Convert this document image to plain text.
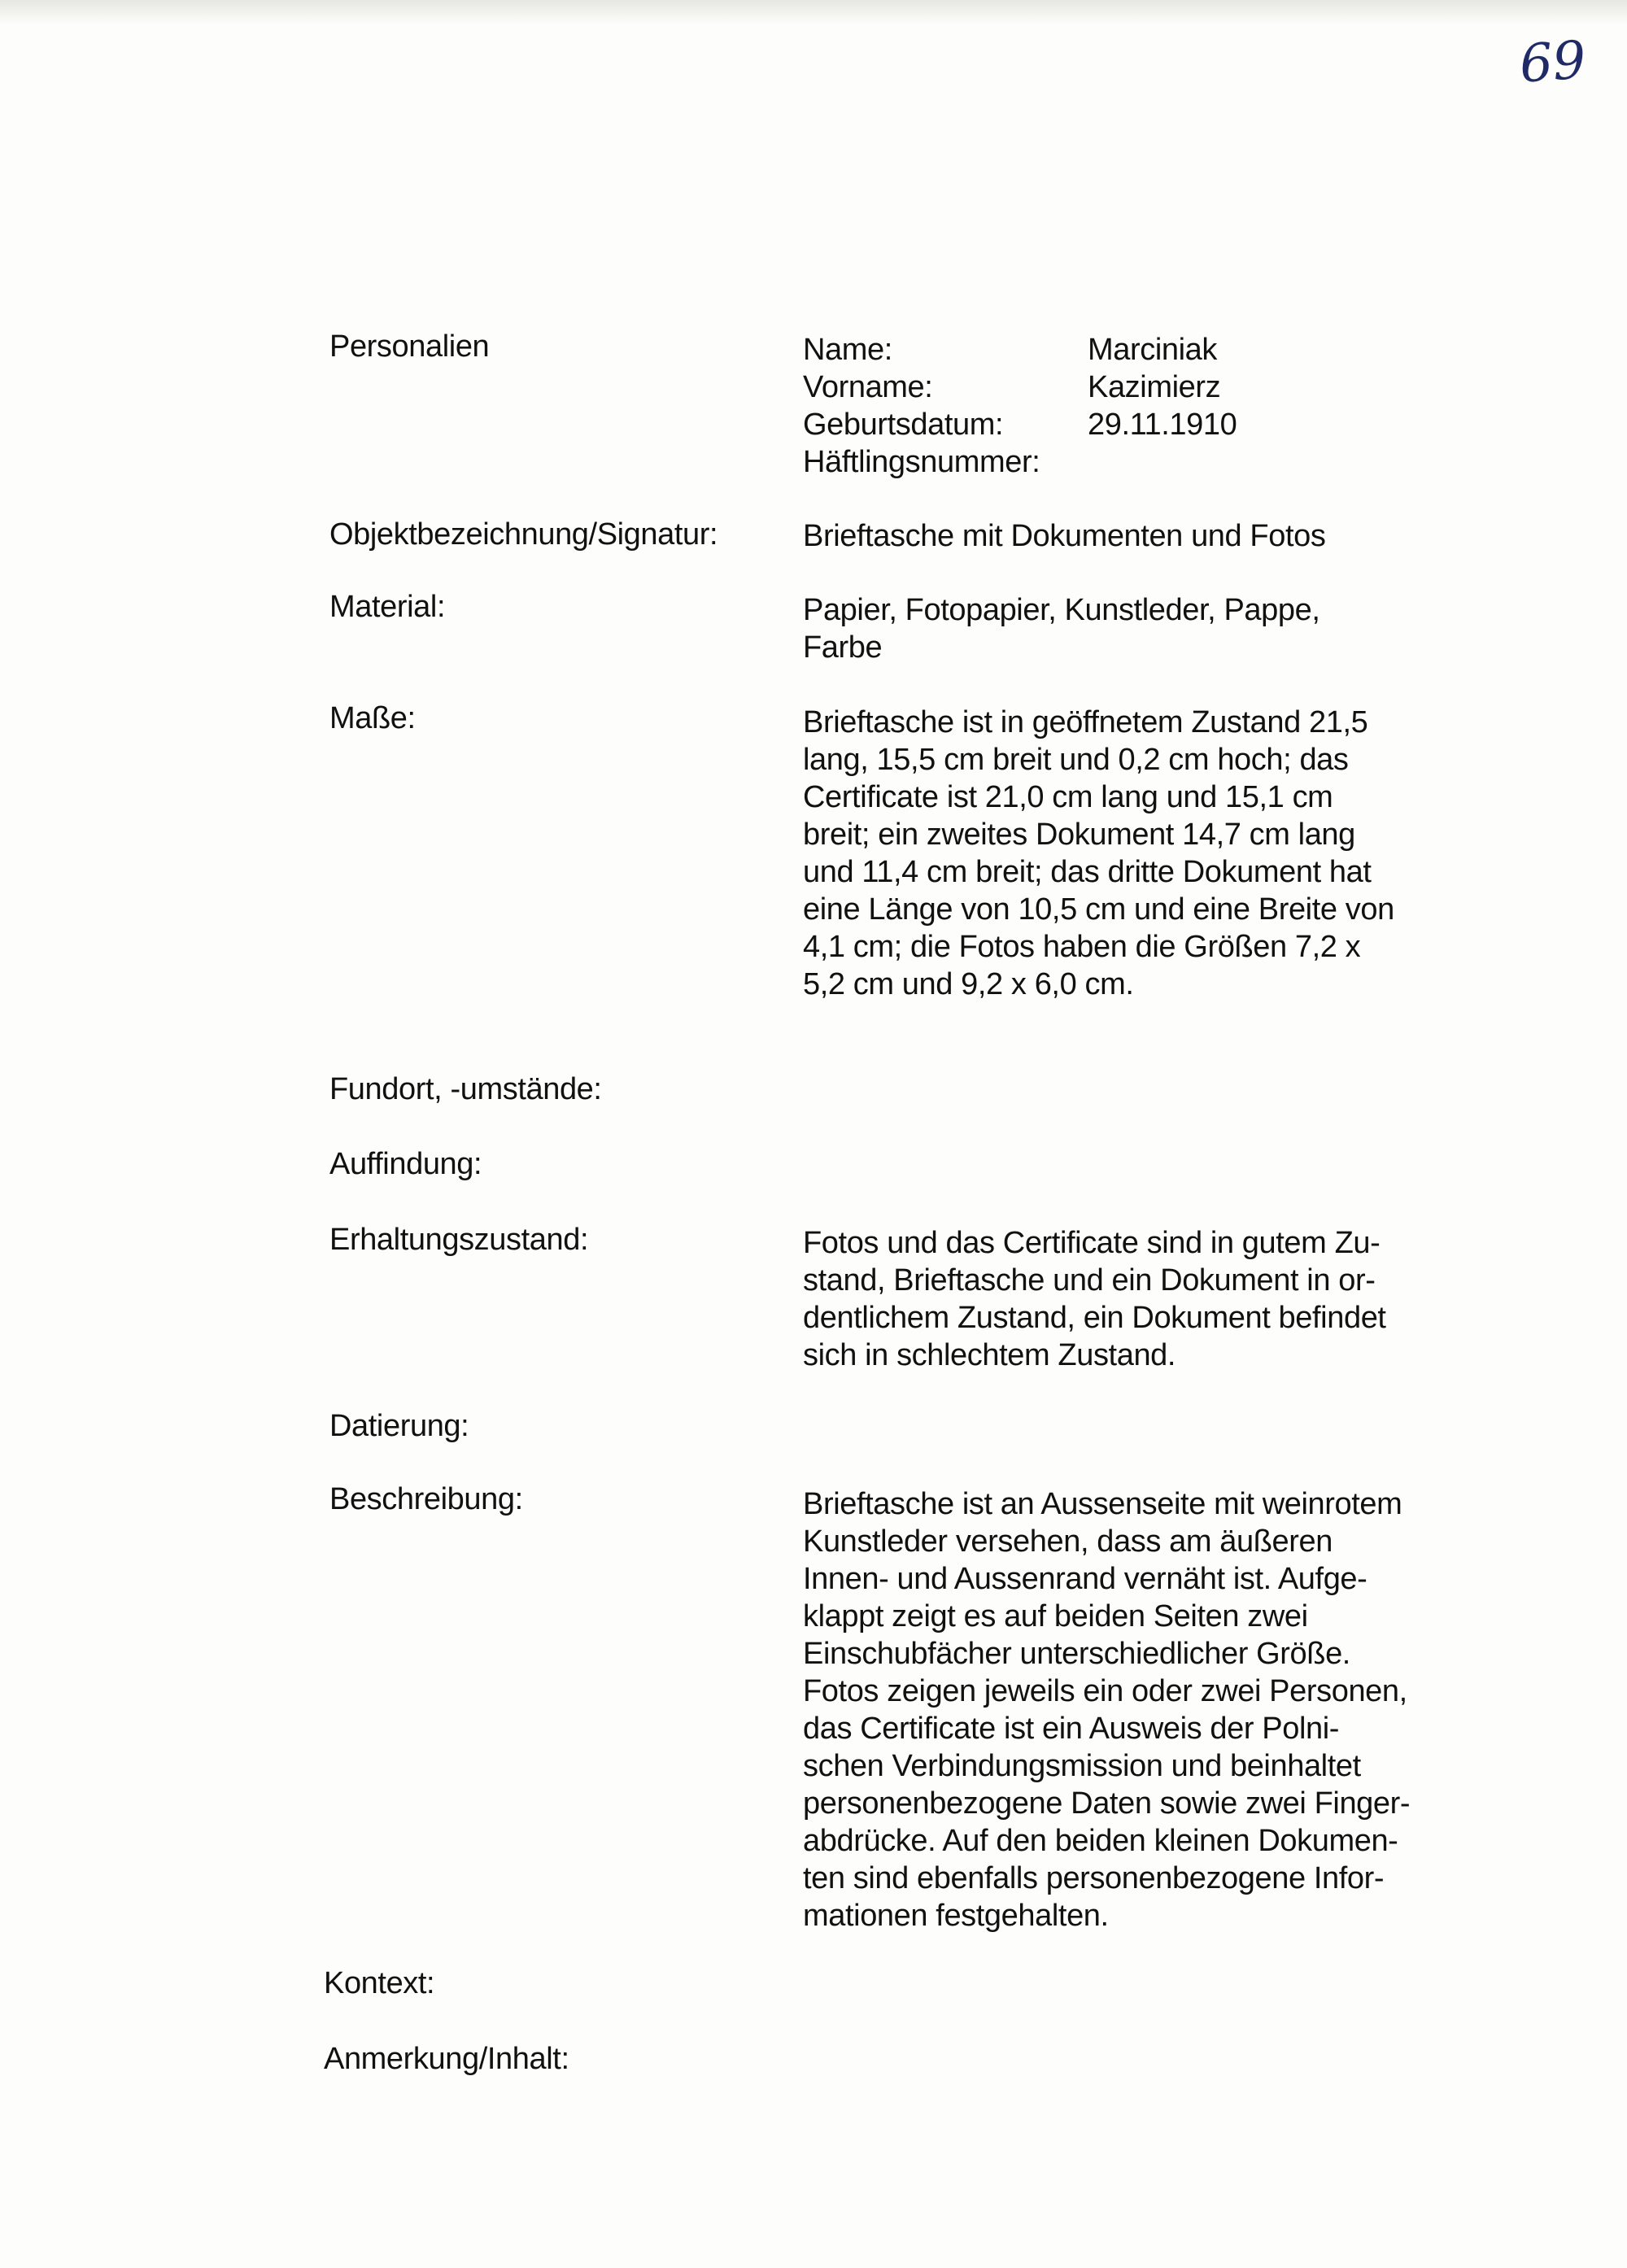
69
Personalien	Name:	Marciniak
Vorname:	Kazimierz
Geburtsdatum:	29.11.1910
Häftlingsnummer:
Objektbezeichnung/Signatur:	Brieftasche mit Dokumenten und Fotos
Material:	Papier, Fotopapier, Kunstleder, Pappe,
Farbe
Maße:	Brieftasche ist in geöffnetem Zustand 21,5
lang, 15,5 cm breit und 0,2 cm hoch; das
Certificate ist 21,0 cm lang und 15,1 cm
breit; ein zweites Dokument 14,7 cm lang
und 11,4 cm breit; das dritte Dokument hat
eine Länge von 10,5 cm und eine Breite von
4,1 cm; die Fotos haben die Größen 7,2 x
5,2 cm und 9,2 x 6,0 cm.
Fundort, -umstände:
Auffindung:
Erhaltungszustand:	Fotos und das Certificate sind in gutem Zu-
stand, Brieftasche und ein Dokument in or-
dentlichem Zustand, ein Dokument befindet
sich in schlechtem Zustand.
Datierung:
Beschreibung:	Brieftasche ist an Aussenseite mit weinrotem
Kunstleder versehen, dass am äußeren
Innen- und Aussenrand vernäht ist. Aufge-
klappt zeigt es auf beiden Seiten zwei
Einschubfächer unterschiedlicher Größe.
Fotos zeigen jeweils ein oder zwei Personen,
das Certificate ist ein Ausweis der Polni-
schen Verbindungsmission und beinhaltet
personenbezogene Daten sowie zwei Finger-
abdrücke. Auf den beiden kleinen Dokumen-
ten sind ebenfalls personenbezogene Infor-
mationen festgehalten.
Kontext:
Anmerkung/Inhalt:
